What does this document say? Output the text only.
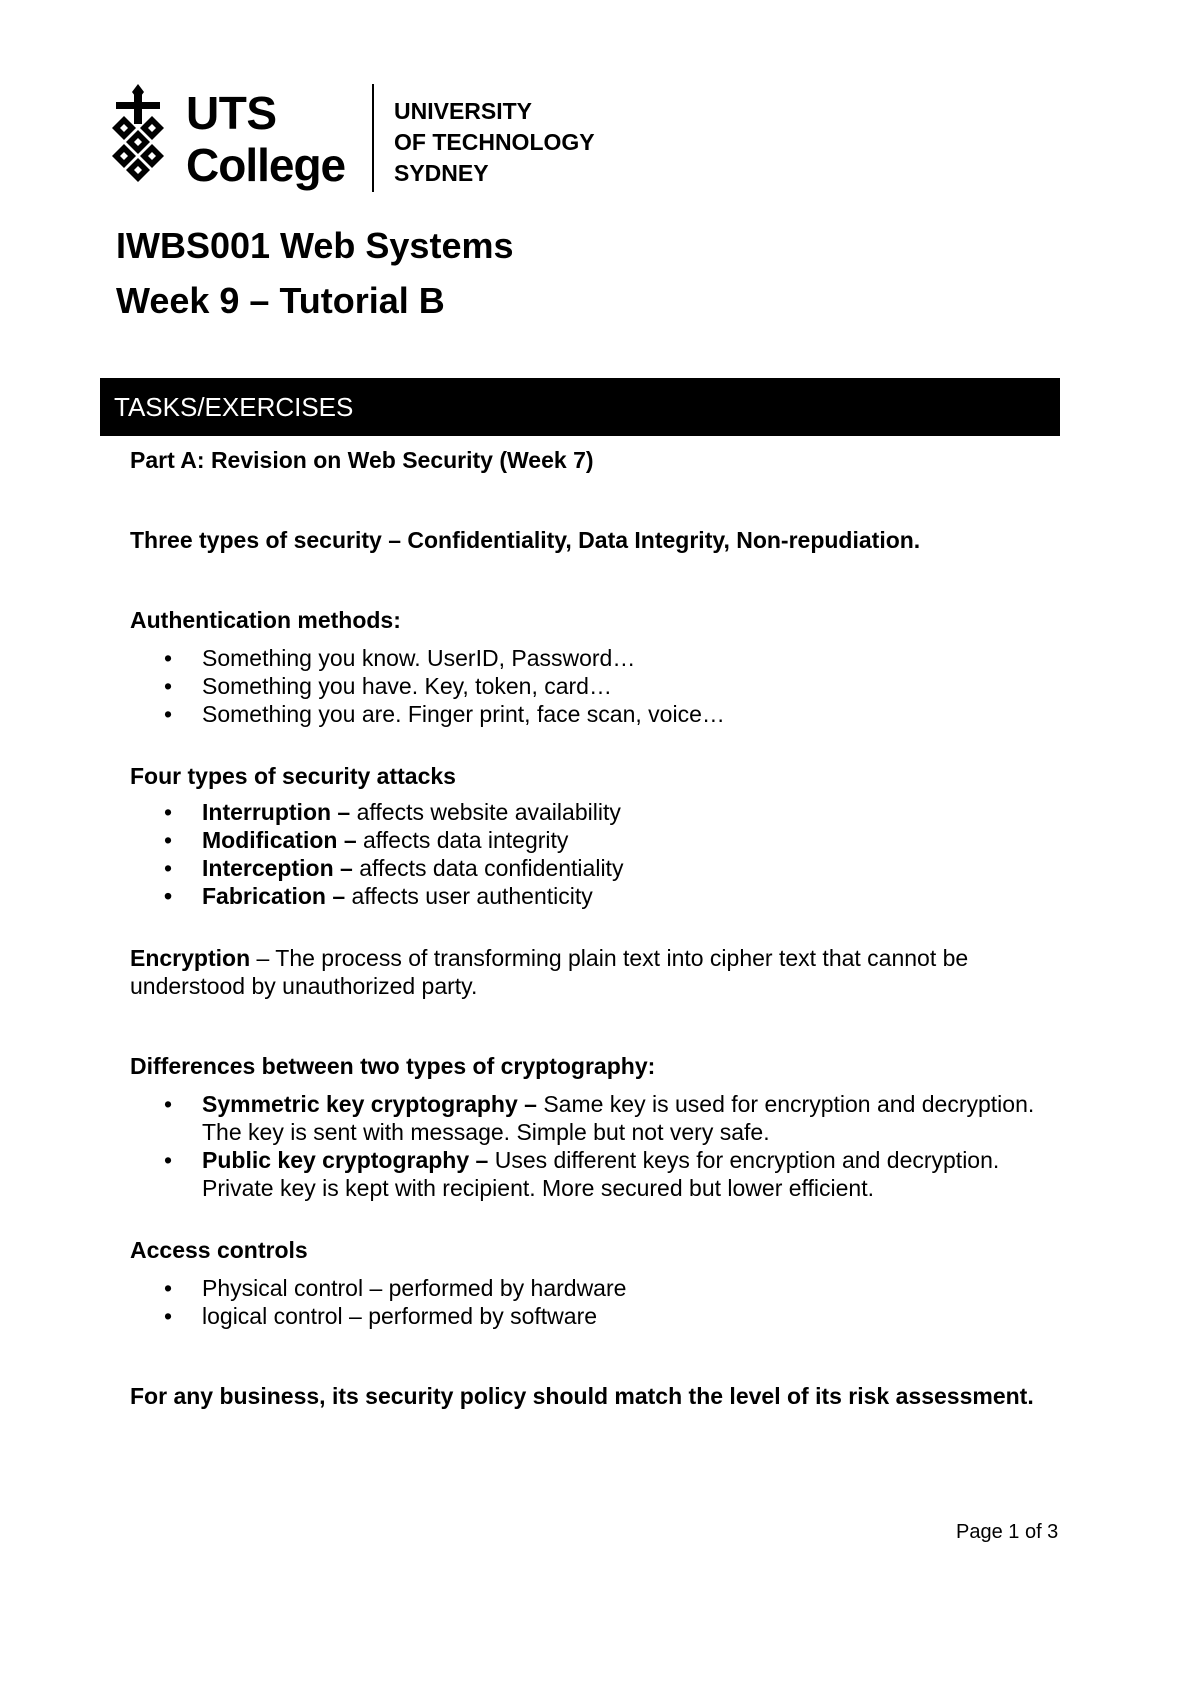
UTS
College
UNIVERSITY
OF TECHNOLOGY
SYDNEY
IWBS001 Web Systems
Week 9 – Tutorial B
TASKS/EXERCISES

Part A: Revision on Web Security (Week 7)

Three types of security – Confidentiality, Data Integrity, Non-repudiation.

Authentication methods:

• Something you know. UserID, Password…
• Something you have. Key, token, card…
• Something you are. Finger print, face scan, voice…

Four types of security attacks

• Interruption – affects website availability
• Modification – affects data integrity
• Interception – affects data confidentiality
• Fabrication – affects user authenticity

Encryption – The process of transforming plain text into cipher text that cannot be understood by unauthorized party.

Differences between two types of cryptography:

• Symmetric key cryptography – Same key is used for encryption and decryption. The key is sent with message. Simple but not very safe.
• Public key cryptography – Uses different keys for encryption and decryption. Private key is kept with recipient. More secured but lower efficient.

Access controls

• Physical control – performed by hardware
• logical control – performed by software

For any business, its security policy should match the level of its risk assessment.

Page 1 of 3
